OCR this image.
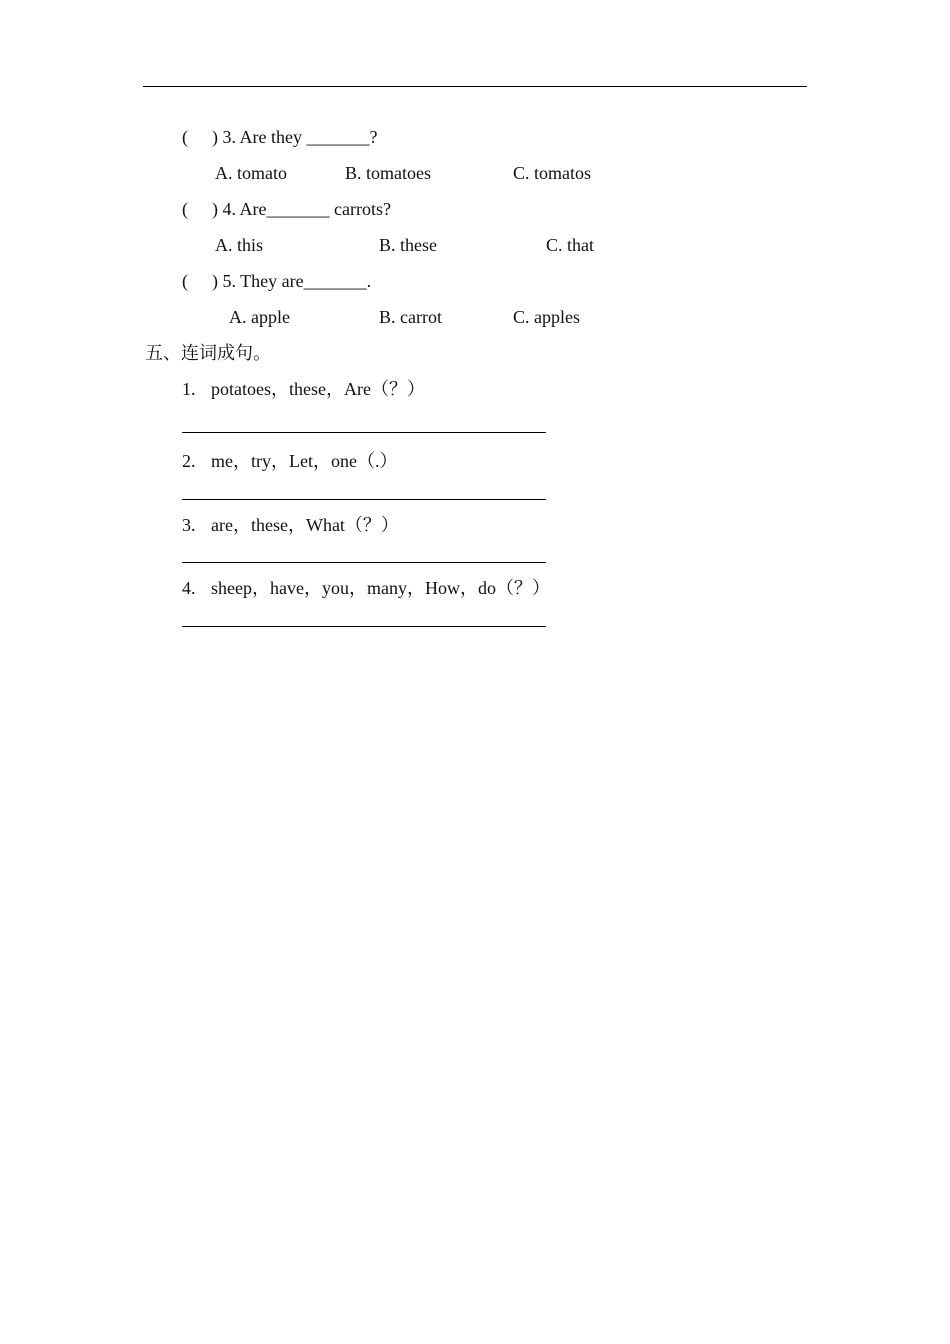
( ) 3. Are they _______?
A. tomato	B. tomatoes	C. tomatos
( ) 4. Are_______ carrots?
A. this	B. these	C. that
( ) 5. They are_______.
A. apple	B. carrot	C. apples
五、连词成句。
1. potatoes，these，Are（？）
2. me，try，Let，one（.）
3. are，these，What（？）
4. sheep，have，you，many，How，do（？）
